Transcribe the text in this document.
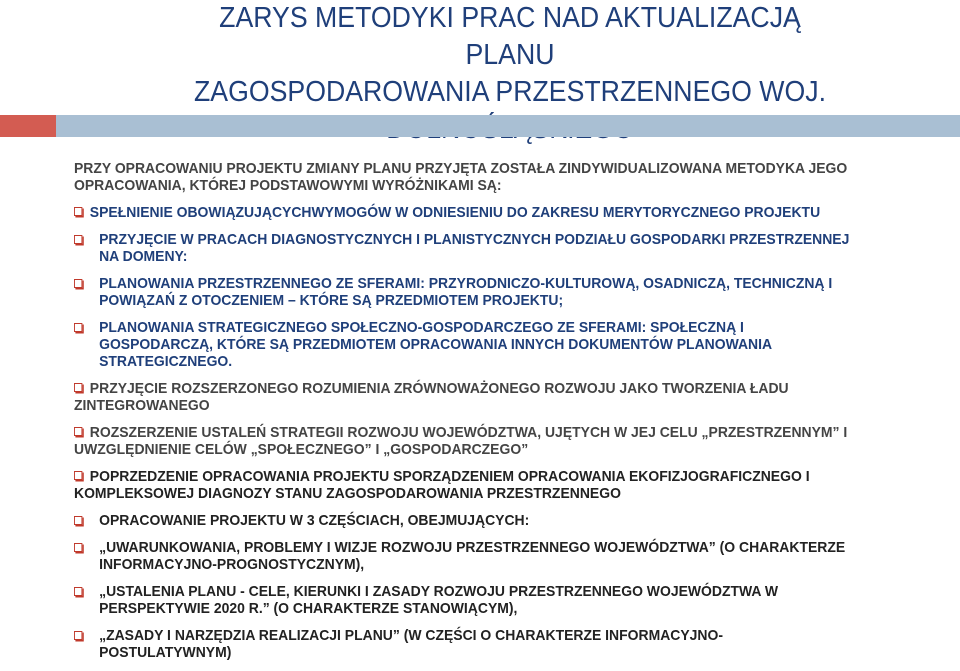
ZARYS METODYKI PRAC NAD AKTUALIZACJĄ PLANU
ZAGOSPODAROWANIA PRZESTRZENNEGO WOJ.
PRZY OPRACOWANIU PROJEKTU ZMIANY PLANU PRZYJĘTA ZOSTAŁA ZINDYWIDUALIZOWANA METODYKA JEGO OPRACOWANIA, KTÓREJ PODSTAWOWYMI WYRÓŻNIKAMI SĄ:
SPEŁNIENIE OBOWIĄZUJĄCYCHWYMOGÓW W ODNIESIENIU DO ZAKRESU MERYTORYCZNEGO PROJEKTU
PRZYJĘCIE W PRACACH DIAGNOSTYCZNYCH I PLANISTYCZNYCH PODZIAŁU GOSPODARKI PRZESTRZENNEJ NA DOMENY:
PLANOWANIA PRZESTRZENNEGO ZE SFERAMI: PRZYRODNICZO-KULTUROWĄ, OSADNICZĄ, TECHNICZNĄ I POWIĄZAŃ Z OTOCZENIEM – KTÓRE SĄ PRZEDMIOTEM PROJEKTU;
PLANOWANIA STRATEGICZNEGO SPOŁECZNO-GOSPODARCZEGO ZE SFERAMI: SPOŁECZNĄ I GOSPODARCZĄ, KTÓRE SĄ PRZEDMIOTEM OPRACOWANIA INNYCH DOKUMENTÓW PLANOWANIA STRATEGICZNEGO.
PRZYJĘCIE ROZSZERZONEGO ROZUMIENIA ZRÓWNOWAŻONEGO ROZWOJU JAKO TWORZENIA ŁADU ZINTEGROWANEGO
ROZSZERZENIE USTALEŃ STRATEGII ROZWOJU WOJEWÓDZTWA, UJĘTYCH W JEJ CELU „PRZESTRZENNYM” I UWZGLĘDNIENIE CELÓW „SPOŁECZNEGO” I „GOSPODARCZEGO”
POPRZEDZENIE OPRACOWANIA PROJEKTU SPORZĄDZENIEM OPRACOWANIA EKOFIZJOGRAFICZNEGO I KOMPLEKSOWEJ DIAGNOZY STANU ZAGOSPODAROWANIA PRZESTRZENNEGO
OPRACOWANIE PROJEKTU W 3 CZĘŚCIACH, OBEJMUJĄCYCH:
„UWARUNKOWANIA, PROBLEMY I WIZJE ROZWOJU PRZESTRZENNEGO WOJEWÓDZTWA” (O CHARAKTERZE INFORMACYJNO-PROGNOSTYCZNYM),
„USTALENIA PLANU - CELE, KIERUNKI I ZASADY ROZWOJU PRZESTRZENNEGO WOJEWÓDZTWA W PERSPEKTYWIE 2020 R.” (O CHARAKTERZE STANOWIĄCYM),
„ZASADY I NARZĘDZIA REALIZACJI PLANU” (W CZĘŚCI O CHARAKTERZE INFORMACYJNO-POSTULATYWNYM)
